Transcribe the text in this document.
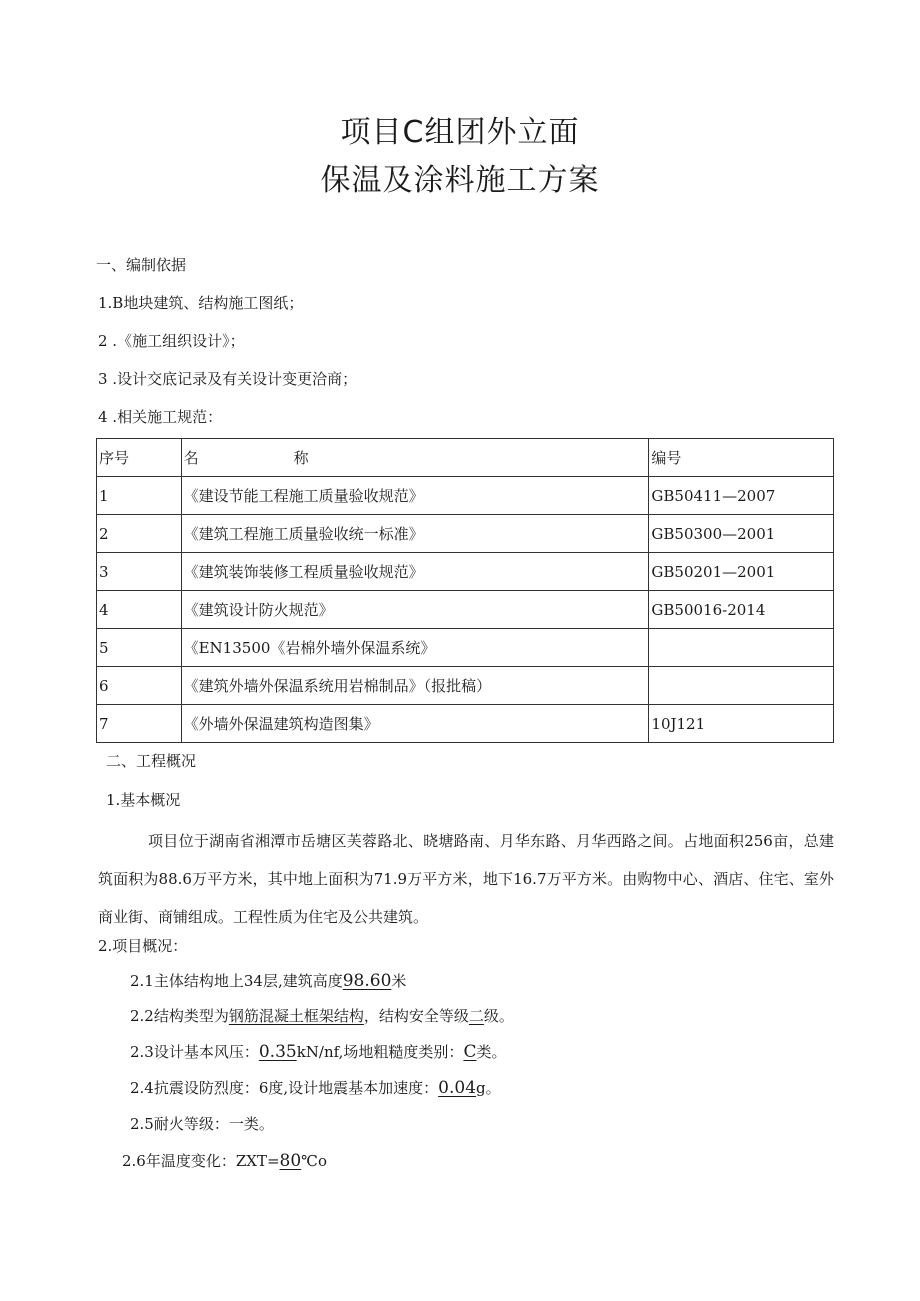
项目C组团外立面
保温及涂料施工方案

一、编制依据

1.B地块建筑、结构施工图纸；

2 .《施工组织设计》；

3 .设计交底记录及有关设计变更洽商；

4 .相关施工规范：

序号	名 称	编号
1	《建设节能工程施工质量验收规范》	GB50411—2007
2	《建筑工程施工质量验收统一标准》	GB50300—2001
3	《建筑装饰装修工程质量验收规范》	GB50201—2001
4	《建筑设计防火规范》	GB50016-2014
5	《EN13500《岩棉外墙外保温系统》	
6	《建筑外墙外保温系统用岩棉制品》（报批稿）	
7	《外墙外保温建筑构造图集》	10J121

二、工程概况

1.基本概况

项目位于湖南省湘潭市岳塘区芙蓉路北、晓塘路南、月华东路、月华西路之间。占地面积256亩，总建筑面积为88.6万平方米，其中地上面积为71.9万平方米，地下16.7万平方米。由购物中心、酒店、住宅、室外商业街、商铺组成。工程性质为住宅及公共建筑。

2.项目概况：

2.1主体结构地上34层,建筑高度98.60米

2.2结构类型为钢筋混凝土框架结构，结构安全等级二级。

2.3设计基本风压：0.35kN/nf,场地粗糙度类别：C类。

2.4抗震设防烈度：6度,设计地震基本加速度：0.04g。

2.5耐火等级：一类。

2.6年温度变化：ZXT=80℃o
